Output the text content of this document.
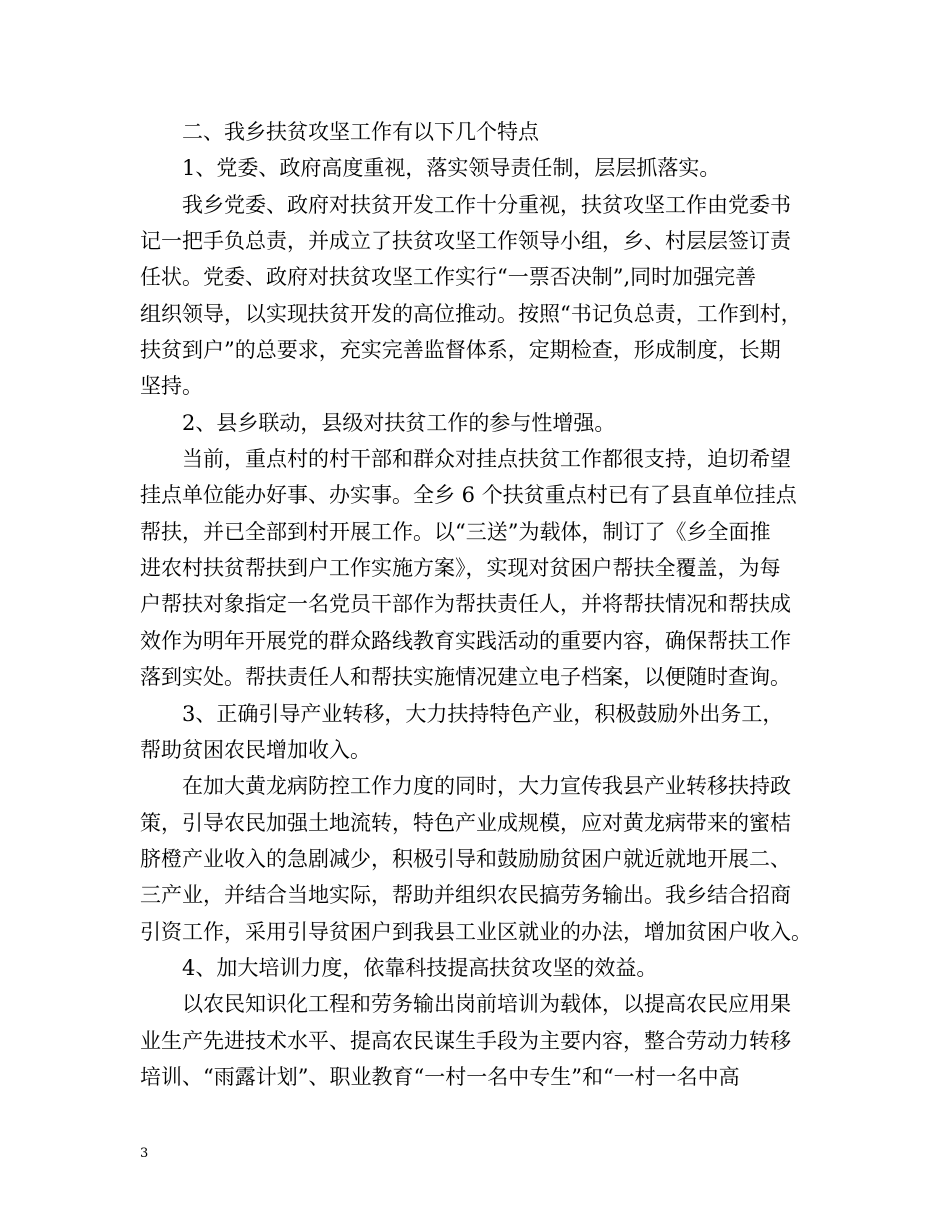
二、我乡扶贫攻坚工作有以下几个特点
1、党委、政府高度重视，落实领导责任制，层层抓落实。
我乡党委、政府对扶贫开发工作十分重视，扶贫攻坚工作由党委书
记一把手负总责，并成立了扶贫攻坚工作领导小组，乡、村层层签订责
任状。党委、政府对扶贫攻坚工作实行“一票否决制”,同时加强完善
组织领导，以实现扶贫开发的高位推动。按照“书记负总责，工作到村，
扶贫到户”的总要求，充实完善监督体系，定期检查，形成制度，长期
坚持。
2、县乡联动，县级对扶贫工作的参与性增强。
当前，重点村的村干部和群众对挂点扶贫工作都很支持，迫切希望
挂点单位能办好事、办实事。全乡 6 个扶贫重点村已有了县直单位挂点
帮扶，并已全部到村开展工作。以“三送”为载体，制订了《乡全面推
进农村扶贫帮扶到户工作实施方案》，实现对贫困户帮扶全覆盖，为每
户帮扶对象指定一名党员干部作为帮扶责任人，并将帮扶情况和帮扶成
效作为明年开展党的群众路线教育实践活动的重要内容，确保帮扶工作
落到实处。帮扶责任人和帮扶实施情况建立电子档案，以便随时查询。
3、正确引导产业转移，大力扶持特色产业，积极鼓励外出务工，
帮助贫困农民增加收入。
在加大黄龙病防控工作力度的同时，大力宣传我县产业转移扶持政
策，引导农民加强土地流转，特色产业成规模，应对黄龙病带来的蜜桔
脐橙产业收入的急剧减少，积极引导和鼓励励贫困户就近就地开展二、
三产业，并结合当地实际，帮助并组织农民搞劳务输出。我乡结合招商
引资工作，采用引导贫困户到我县工业区就业的办法，增加贫困户收入。
4、加大培训力度，依靠科技提高扶贫攻坚的效益。
以农民知识化工程和劳务输出岗前培训为载体，以提高农民应用果
业生产先进技术水平、提高农民谋生手段为主要内容，整合劳动力转移
培训、“雨露计划”、职业教育“一村一名中专生”和“一村一名中高
3
